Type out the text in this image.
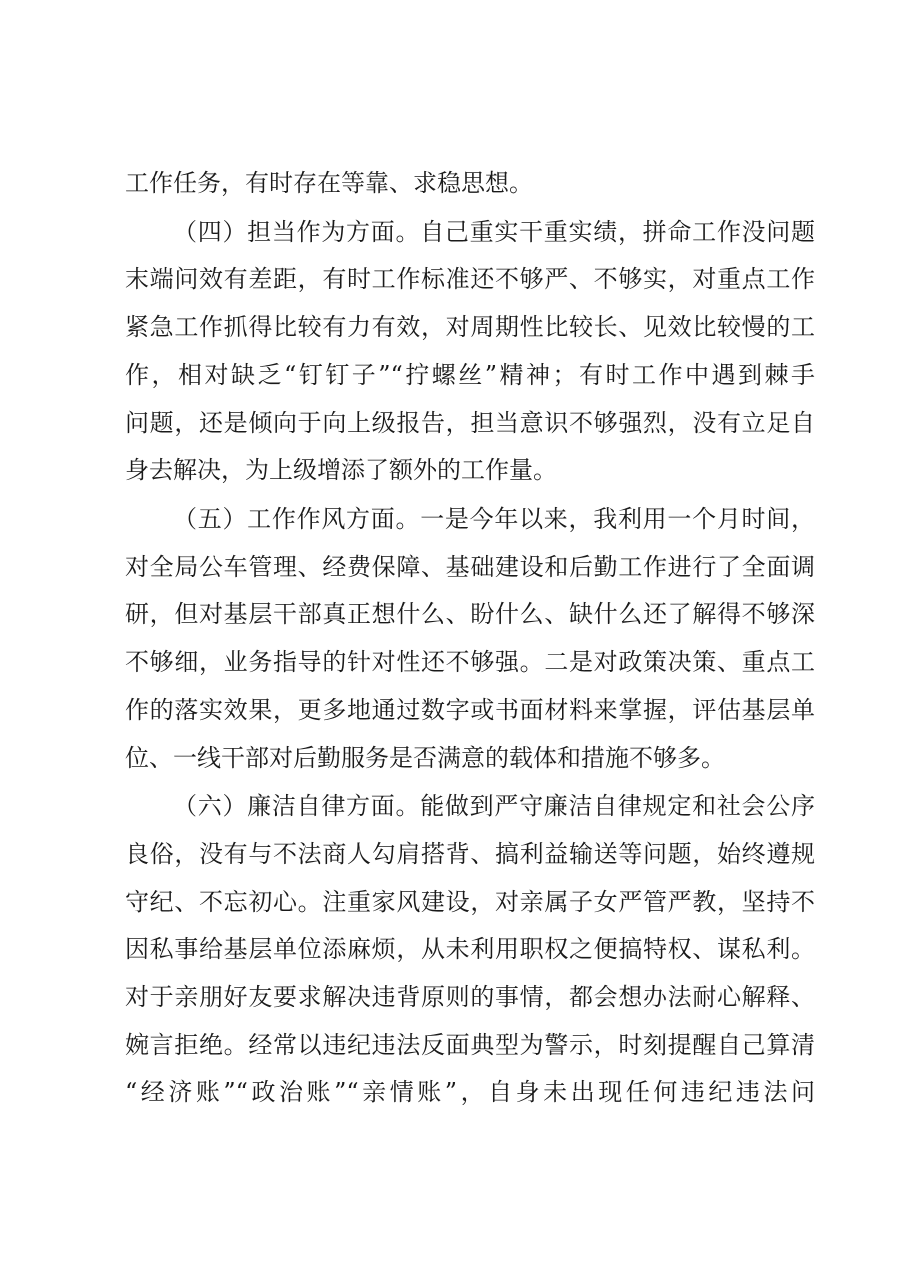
工作任务，有时存在等靠、求稳思想。
（四）担当作为方面。自己重实干重实绩，拼命工作没问题
末端问效有差距，有时工作标准还不够严、不够实，对重点工作
紧急工作抓得比较有力有效，对周期性比较长、见效比较慢的工
作，相对缺乏“钉钉子”“拧螺丝”精神；有时工作中遇到棘手
问题，还是倾向于向上级报告，担当意识不够强烈，没有立足自
身去解决，为上级增添了额外的工作量。
（五）工作作风方面。一是今年以来，我利用一个月时间，
对全局公车管理、经费保障、基础建设和后勤工作进行了全面调
研，但对基层干部真正想什么、盼什么、缺什么还了解得不够深
不够细，业务指导的针对性还不够强。二是对政策决策、重点工
作的落实效果，更多地通过数字或书面材料来掌握，评估基层单
位、一线干部对后勤服务是否满意的载体和措施不够多。
（六）廉洁自律方面。能做到严守廉洁自律规定和社会公序
良俗，没有与不法商人勾肩搭背、搞利益输送等问题，始终遵规
守纪、不忘初心。注重家风建设，对亲属子女严管严教，坚持不
因私事给基层单位添麻烦，从未利用职权之便搞特权、谋私利。
对于亲朋好友要求解决违背原则的事情，都会想办法耐心解释、
婉言拒绝。经常以违纪违法反面典型为警示，时刻提醒自己算清
“经济账”“政治账”“亲情账”，自身未出现任何违纪违法问
